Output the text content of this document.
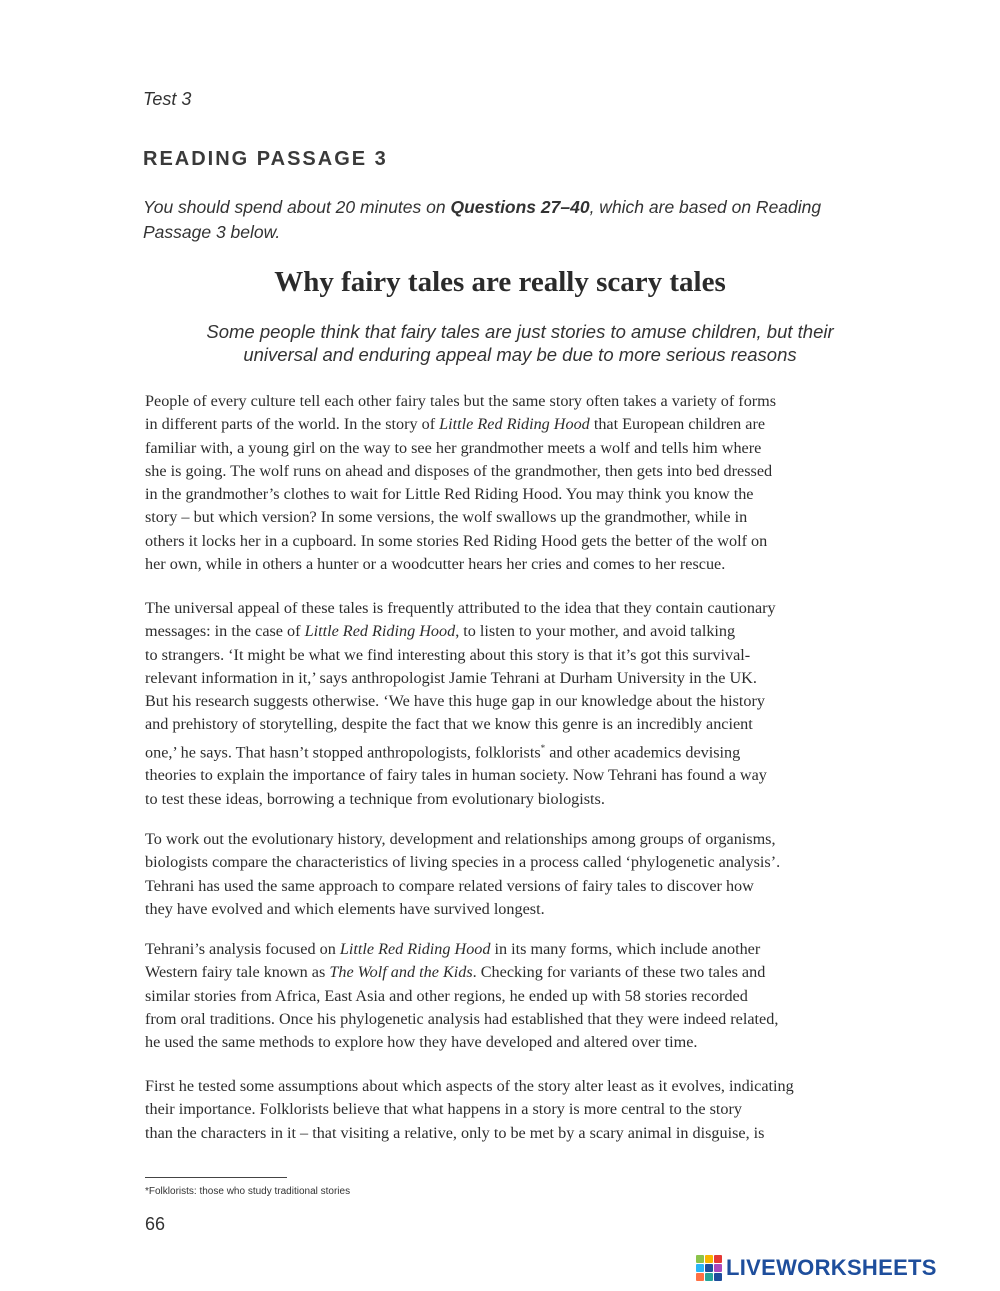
Test 3
READING PASSAGE 3
You should spend about 20 minutes on Questions 27–40, which are based on Reading
Passage 3 below.
Why fairy tales are really scary tales
Some people think that fairy tales are just stories to amuse children, but their
universal and enduring appeal may be due to more serious reasons
People of every culture tell each other fairy tales but the same story often takes a variety of forms
in different parts of the world. In the story of Little Red Riding Hood that European children are
familiar with, a young girl on the way to see her grandmother meets a wolf and tells him where
she is going. The wolf runs on ahead and disposes of the grandmother, then gets into bed dressed
in the grandmother’s clothes to wait for Little Red Riding Hood. You may think you know the
story – but which version? In some versions, the wolf swallows up the grandmother, while in
others it locks her in a cupboard. In some stories Red Riding Hood gets the better of the wolf on
her own, while in others a hunter or a woodcutter hears her cries and comes to her rescue.
The universal appeal of these tales is frequently attributed to the idea that they contain cautionary
messages: in the case of Little Red Riding Hood, to listen to your mother, and avoid talking
to strangers. ‘It might be what we find interesting about this story is that it’s got this survival-
relevant information in it,’ says anthropologist Jamie Tehrani at Durham University in the UK.
But his research suggests otherwise. ‘We have this huge gap in our knowledge about the history
and prehistory of storytelling, despite the fact that we know this genre is an incredibly ancient
one,’ he says. That hasn’t stopped anthropologists, folklorists* and other academics devising
theories to explain the importance of fairy tales in human society. Now Tehrani has found a way
to test these ideas, borrowing a technique from evolutionary biologists.
To work out the evolutionary history, development and relationships among groups of organisms,
biologists compare the characteristics of living species in a process called ‘phylogenetic analysis’.
Tehrani has used the same approach to compare related versions of fairy tales to discover how
they have evolved and which elements have survived longest.
Tehrani’s analysis focused on Little Red Riding Hood in its many forms, which include another
Western fairy tale known as The Wolf and the Kids. Checking for variants of these two tales and
similar stories from Africa, East Asia and other regions, he ended up with 58 stories recorded
from oral traditions. Once his phylogenetic analysis had established that they were indeed related,
he used the same methods to explore how they have developed and altered over time.
First he tested some assumptions about which aspects of the story alter least as it evolves, indicating
their importance. Folklorists believe that what happens in a story is more central to the story
than the characters in it – that visiting a relative, only to be met by a scary animal in disguise, is
*Folklorists: those who study traditional stories
66
LIVEWORKSHEETS
